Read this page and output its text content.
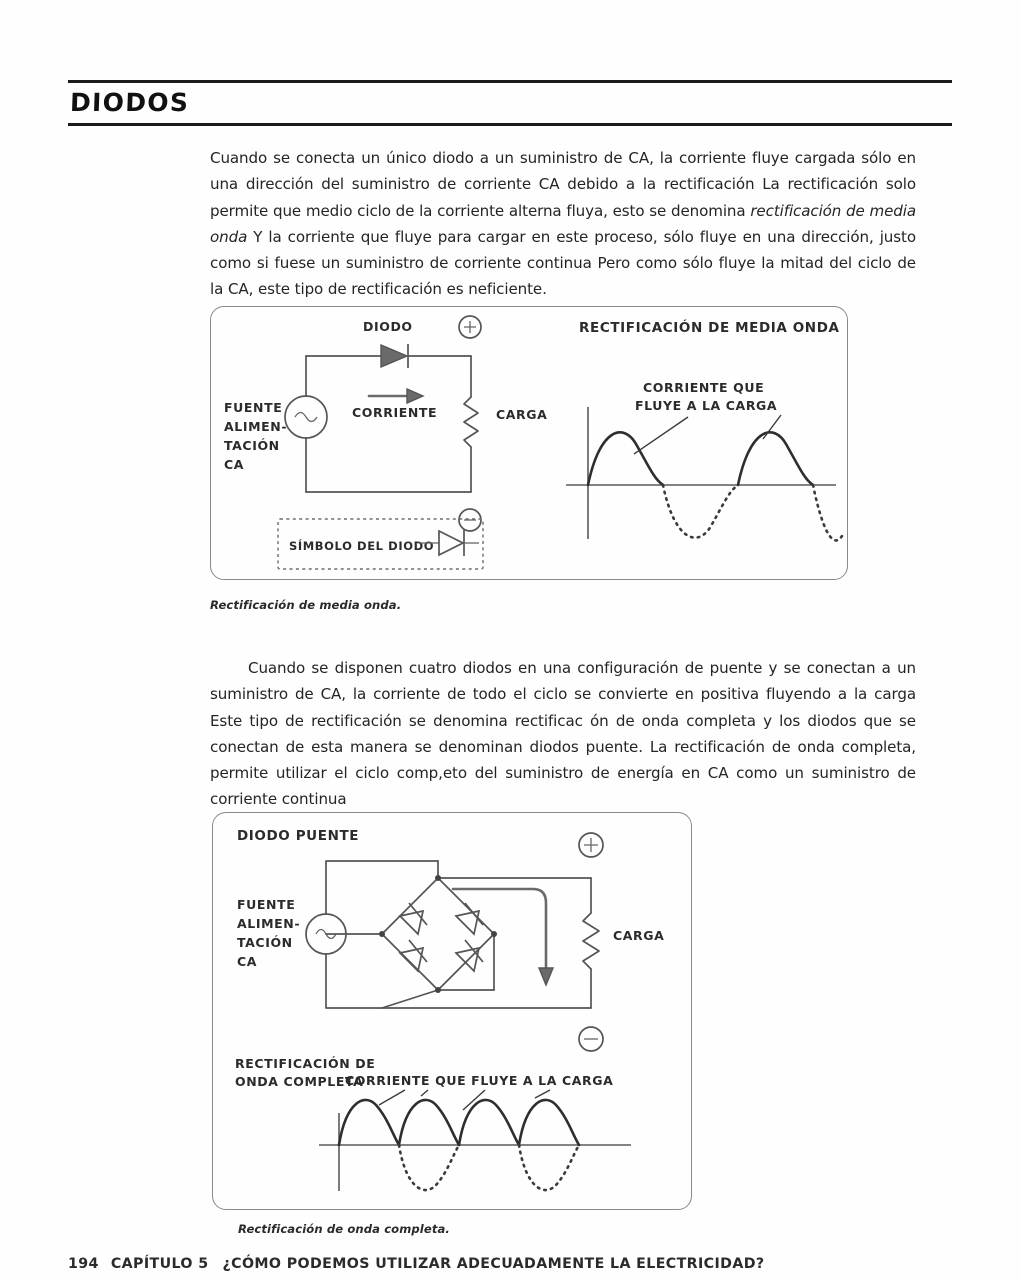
DIODOS
Cuando se conecta un único diodo a un suministro de CA, la corriente fluye cargada sólo en una dirección del suministro de corriente CA debido a la rectificación La rectificación solo permite que medio ciclo de la corriente alterna fluya, esto se denomina rectificación de media onda Y la corriente que fluye para cargar en este proceso, sólo fluye en una dirección, justo como si fuese un suministro de corriente continua Pero como sólo fluye la mitad del ciclo de la CA, este tipo de rectificación es neficiente.
DIODO
CORRIENTE	CARGA
FUENTE
ALIMEN-
TACIÓN
CA
SÍMBOLO DEL DIODO
RECTIFICACIÓN DE MEDIA ONDA
CORRIENTE QUE
FLUYE A LA CARGA
Rectificación de media onda.
Cuando se disponen cuatro diodos en una configuración de puente y se conectan a un suministro de CA, la corriente de todo el ciclo se convierte en positiva fluyendo a la carga Este tipo de rectificación se denomina rectificac ón de onda completa y los diodos que se conectan de esta manera se denominan diodos puente. La rectificación de onda completa, permite utilizar el ciclo comp,eto del suministro de energía en CA como un suministro de corriente continua
DIODO PUENTE
FUENTE
ALIMEN-
TACIÓN
CA
CARGA
RECTIFICACIÓN DE
ONDA COMPLETA
CORRIENTE QUE FLUYE A LA CARGA
Rectificación de onda completa.
194 CAPÍTULO 5 ¿CÓMO PODEMOS UTILIZAR ADECUADAMENTE LA ELECTRICIDAD?
